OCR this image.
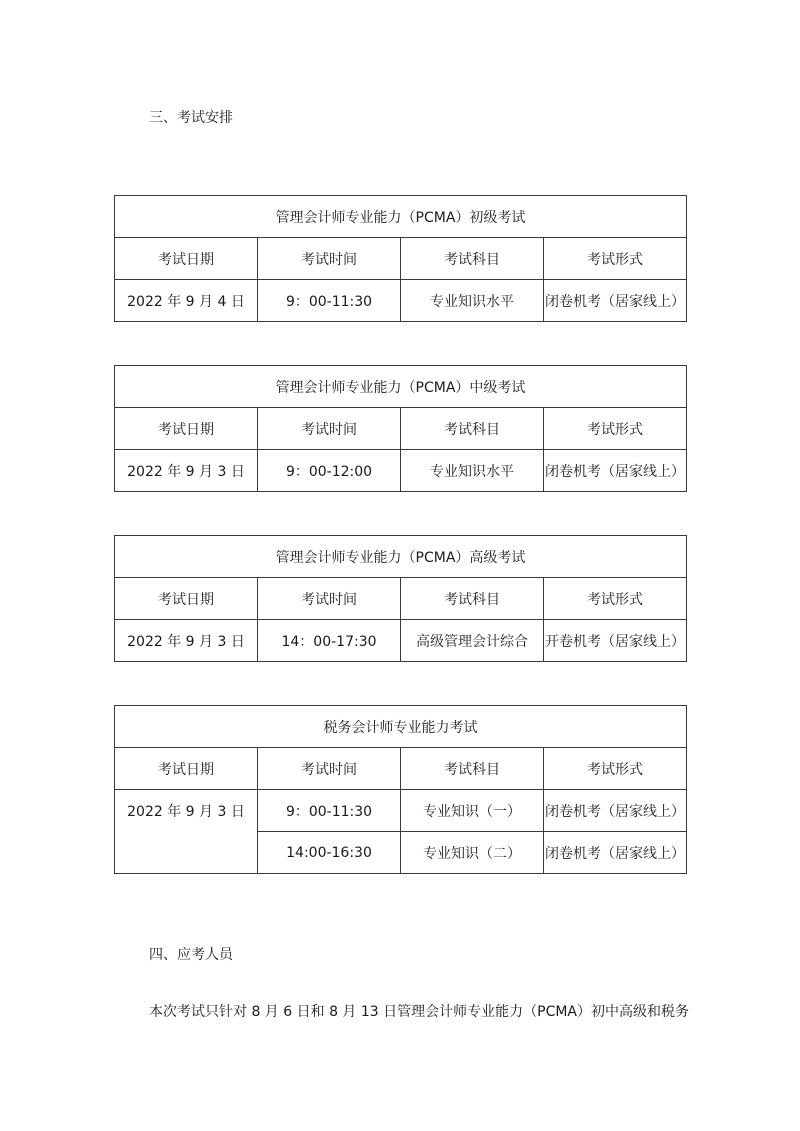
三、考试安排
管理会计师专业能力（PCMA）初级考试			
考试日期	考试时间	考试科目	考试形式
2022 年 9 月 4 日	9：00-11:30	专业知识水平	闭卷机考（居家线上）
管理会计师专业能力（PCMA）中级考试			
考试日期	考试时间	考试科目	考试形式
2022 年 9 月 3 日	9：00-12:00	专业知识水平	闭卷机考（居家线上）
管理会计师专业能力（PCMA）高级考试			
考试日期	考试时间	考试科目	考试形式
2022 年 9 月 3 日	14：00-17:30	高级管理会计综合	开卷机考（居家线上）
税务会计师专业能力考试			
考试日期	考试时间	考试科目	考试形式
2022 年 9 月 3 日	9：00-11:30	专业知识（一）	闭卷机考（居家线上）
	14:00-16:30	专业知识（二）	闭卷机考（居家线上）
四、应考人员
本次考试只针对 8 月 6 日和 8 月 13 日管理会计师专业能力（PCMA）初中高级和税务
